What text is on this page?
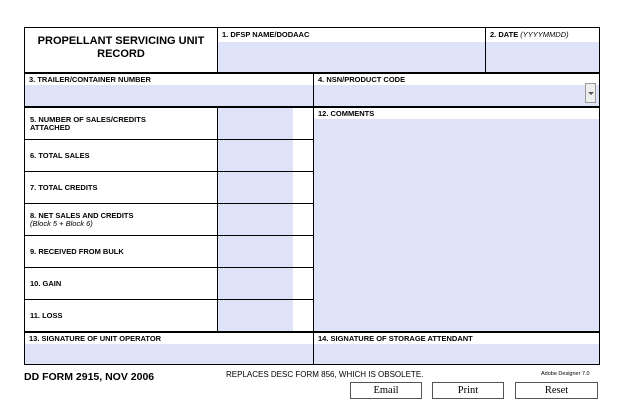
PROPELLANT SERVICING UNIT RECORD
1. DFSP NAME/DODAAC	2. DATE (YYYYMMDD)
3. TRAILER/CONTAINER NUMBER	4. NSN/PRODUCT CODE
5. NUMBER OF SALES/CREDITS ATTACHED
6. TOTAL SALES
7. TOTAL CREDITS
8. NET SALES AND CREDITS
(Block 5 + Block 6)
9. RECEIVED FROM BULK
10. GAIN
11. LOSS
12. COMMENTS
13. SIGNATURE OF UNIT OPERATOR	14. SIGNATURE OF STORAGE ATTENDANT
DD FORM 2915, NOV 2006	REPLACES DESC FORM 856, WHICH IS OBSOLETE.	Adobe Designer 7.0
Email	Print	Reset
